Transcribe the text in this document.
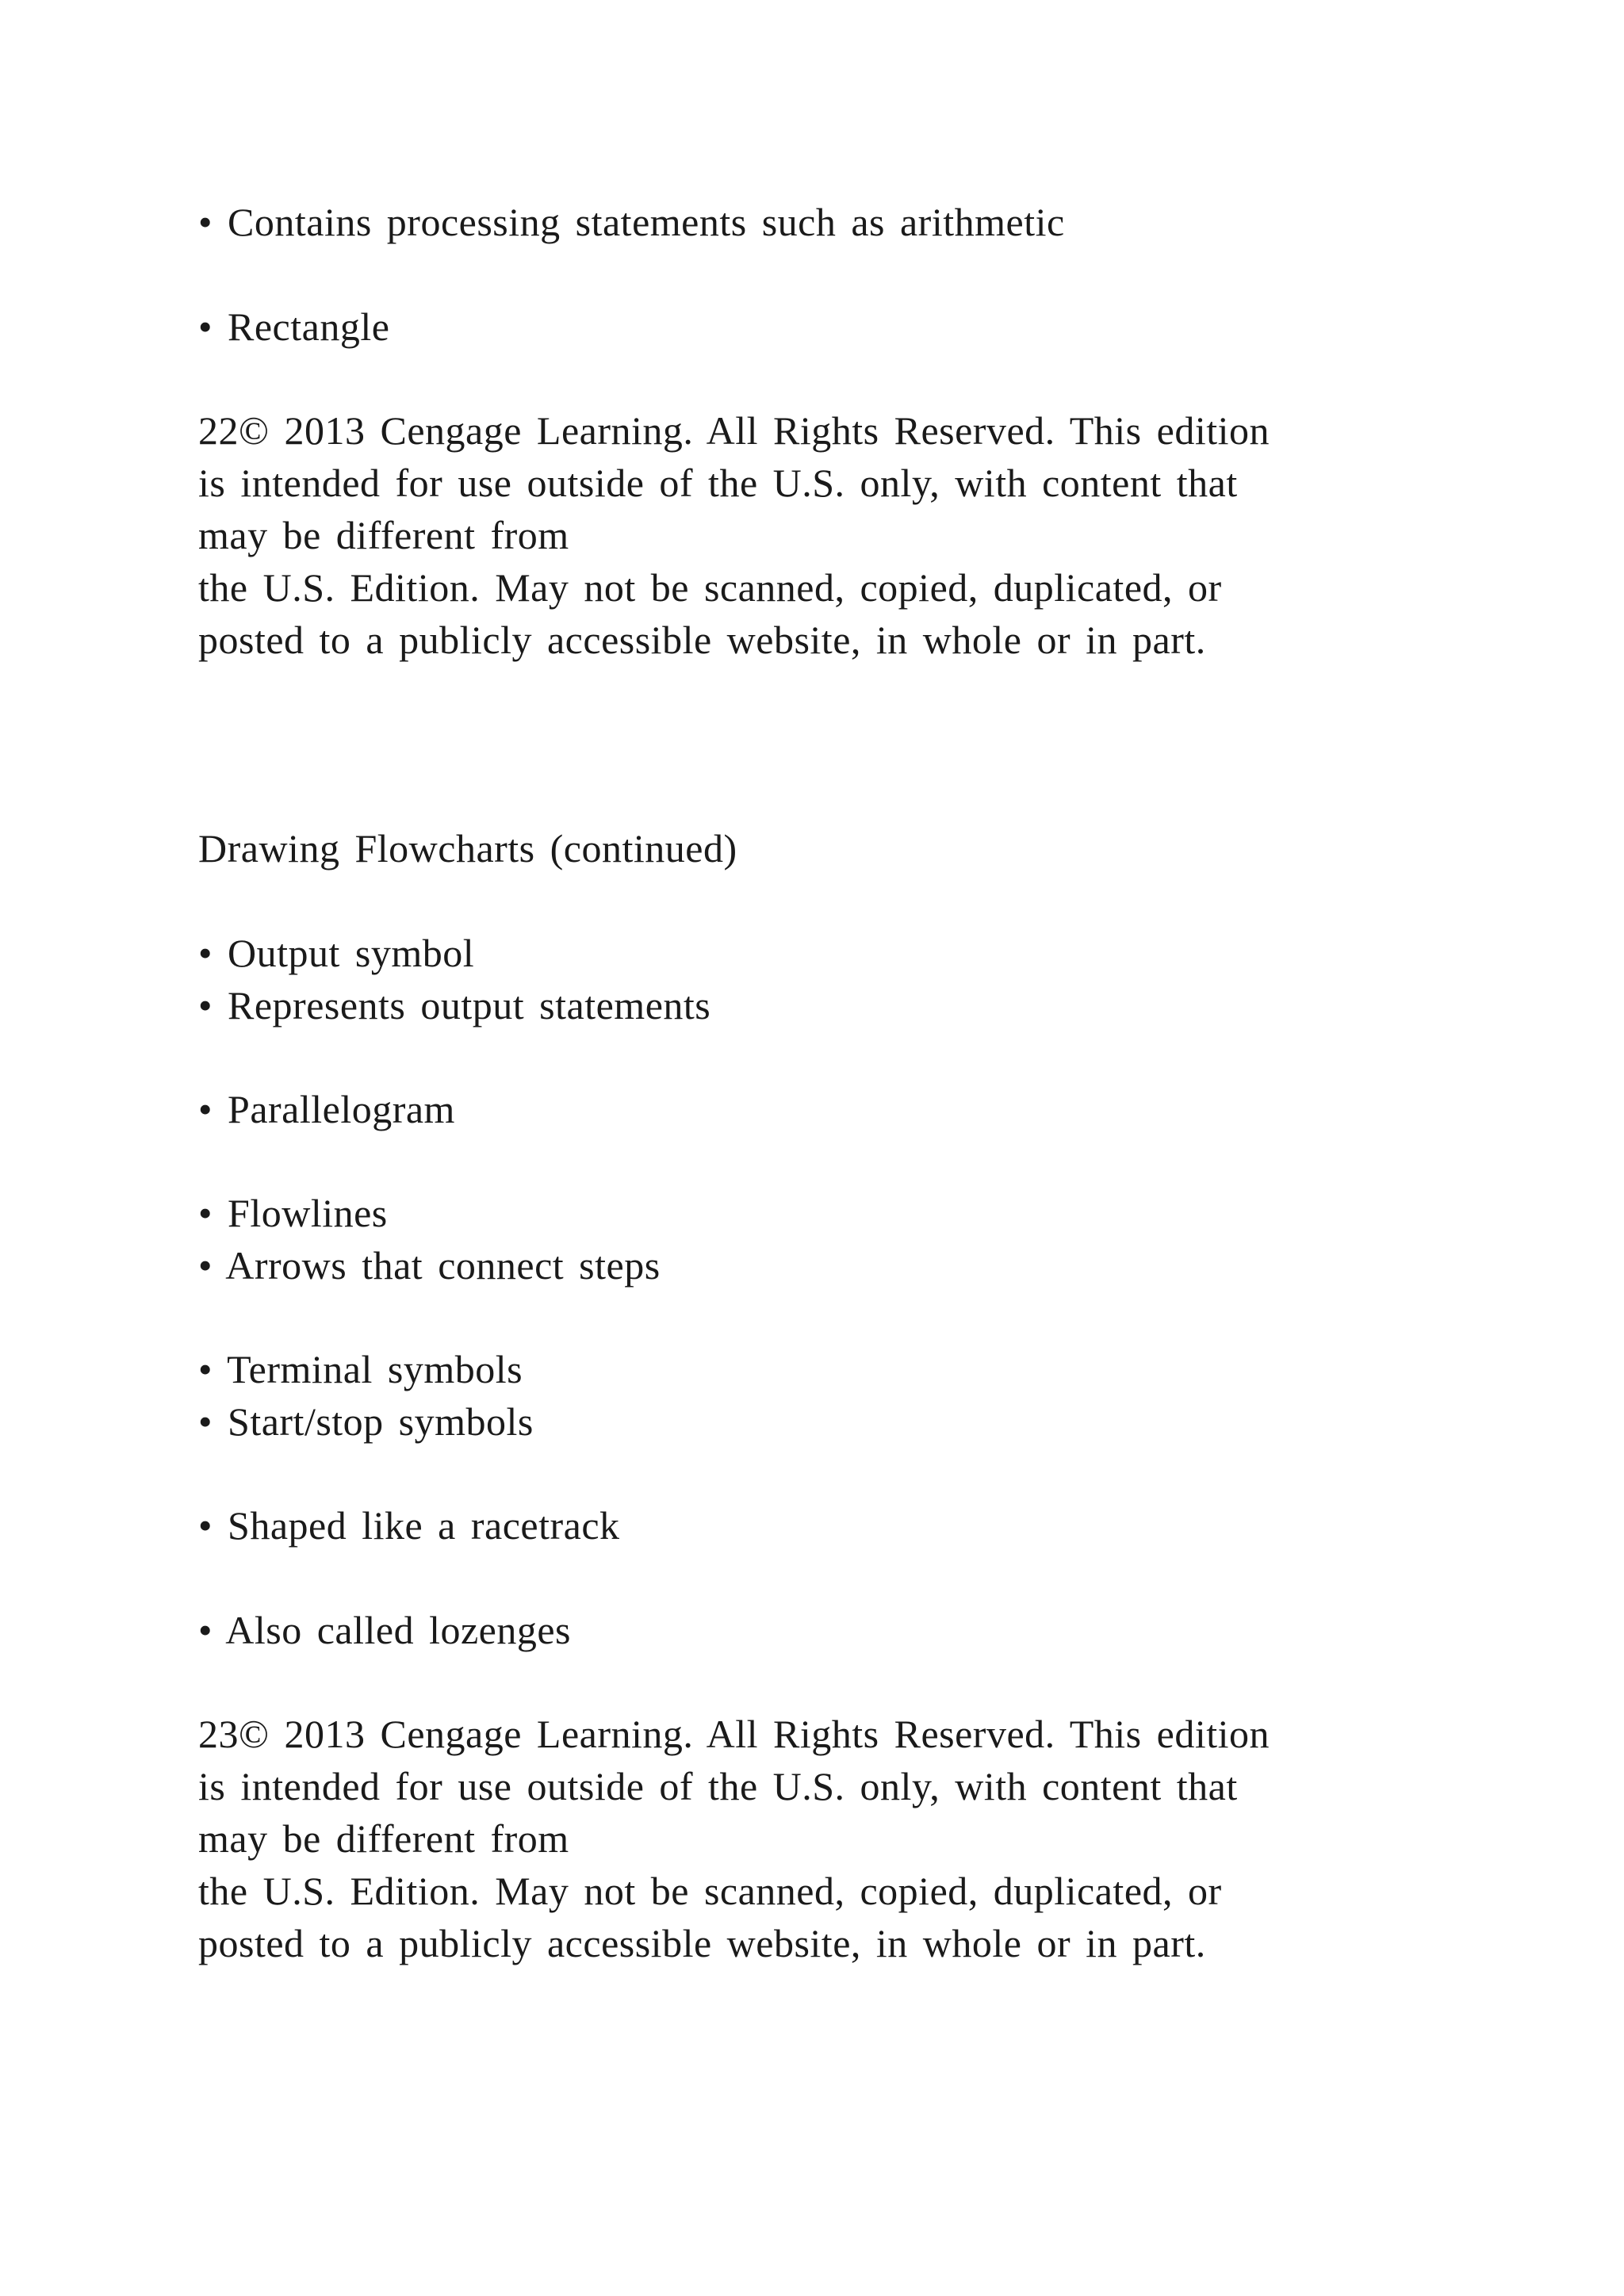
• Contains processing statements such as arithmetic
• Rectangle
22© 2013 Cengage Learning. All Rights Reserved. This edition
is intended for use outside of the U.S. only, with content that
may be different from
the U.S. Edition. May not be scanned, copied, duplicated, or
posted to a publicly accessible website, in whole or in part.
Drawing Flowcharts (continued)
• Output symbol
• Represents output statements
• Parallelogram
• Flowlines
• Arrows that connect steps
• Terminal symbols
• Start/stop symbols
• Shaped like a racetrack
• Also called lozenges
23© 2013 Cengage Learning. All Rights Reserved. This edition
is intended for use outside of the U.S. only, with content that
may be different from
the U.S. Edition. May not be scanned, copied, duplicated, or
posted to a publicly accessible website, in whole or in part.
